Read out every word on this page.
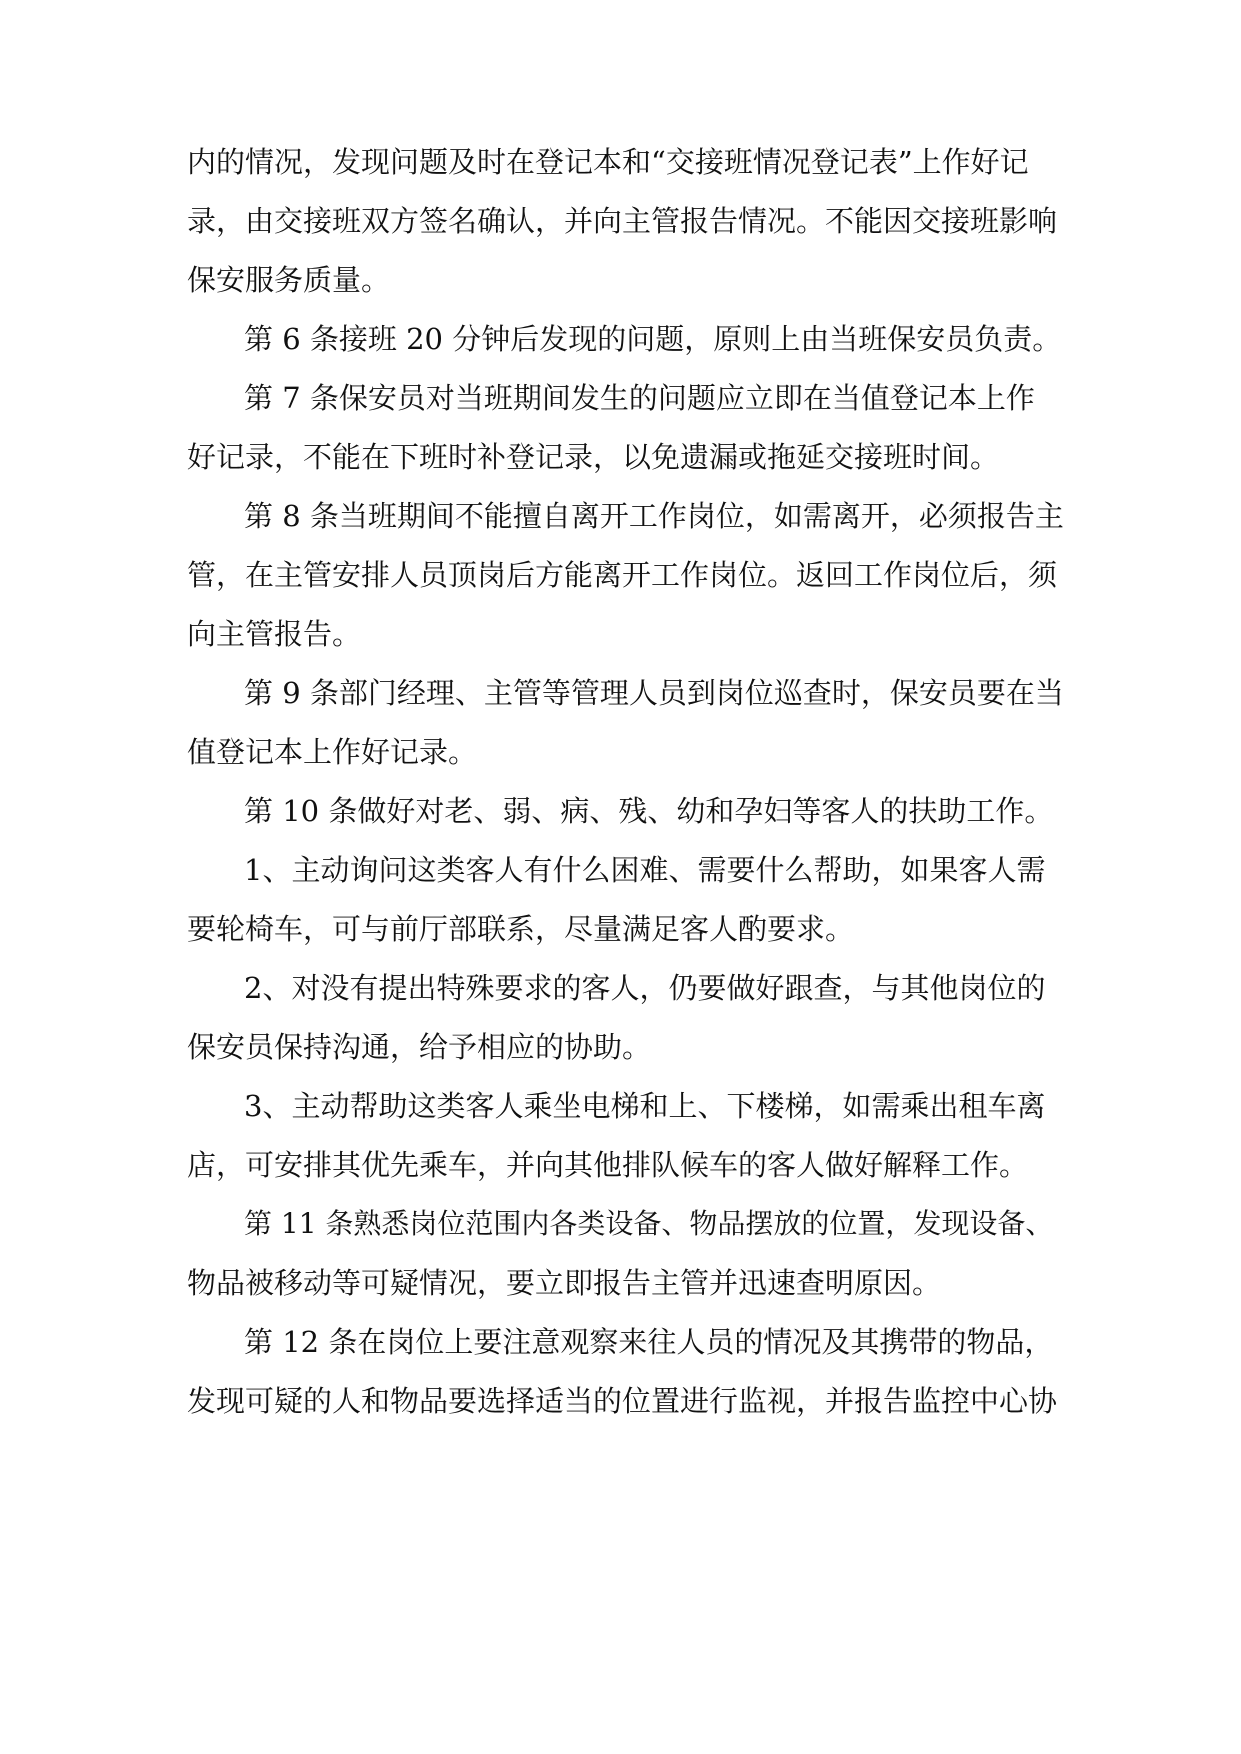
内的情况，发现问题及时在登记本和“交接班情况登记表”上作好记
录，由交接班双方签名确认，并向主管报告情况。不能因交接班影响
保安服务质量。
第 6 条接班 20 分钟后发现的问题，原则上由当班保安员负责。
第 7 条保安员对当班期间发生的问题应立即在当值登记本上作
好记录，不能在下班时补登记录，以免遗漏或拖延交接班时间。
第 8 条当班期间不能擅自离开工作岗位，如需离开，必须报告主
管，在主管安排人员顶岗后方能离开工作岗位。返回工作岗位后，须
向主管报告。
第 9 条部门经理、主管等管理人员到岗位巡查时，保安员要在当
值登记本上作好记录。
第 10 条做好对老、弱、病、残、幼和孕妇等客人的扶助工作。
1、主动询问这类客人有什么困难、需要什么帮助，如果客人需
要轮椅车，可与前厅部联系，尽量满足客人酌要求。
2、对没有提出特殊要求的客人，仍要做好跟查，与其他岗位的
保安员保持沟通，给予相应的协助。
3、主动帮助这类客人乘坐电梯和上、下楼梯，如需乘出租车离
店，可安排其优先乘车，并向其他排队候车的客人做好解释工作。
第 11 条熟悉岗位范围内各类设备、物品摆放的位置，发现设备、
物品被移动等可疑情况，要立即报告主管并迅速查明原因。
第 12 条在岗位上要注意观察来往人员的情况及其携带的物品，
发现可疑的人和物品要选择适当的位置进行监视，并报告监控中心协
